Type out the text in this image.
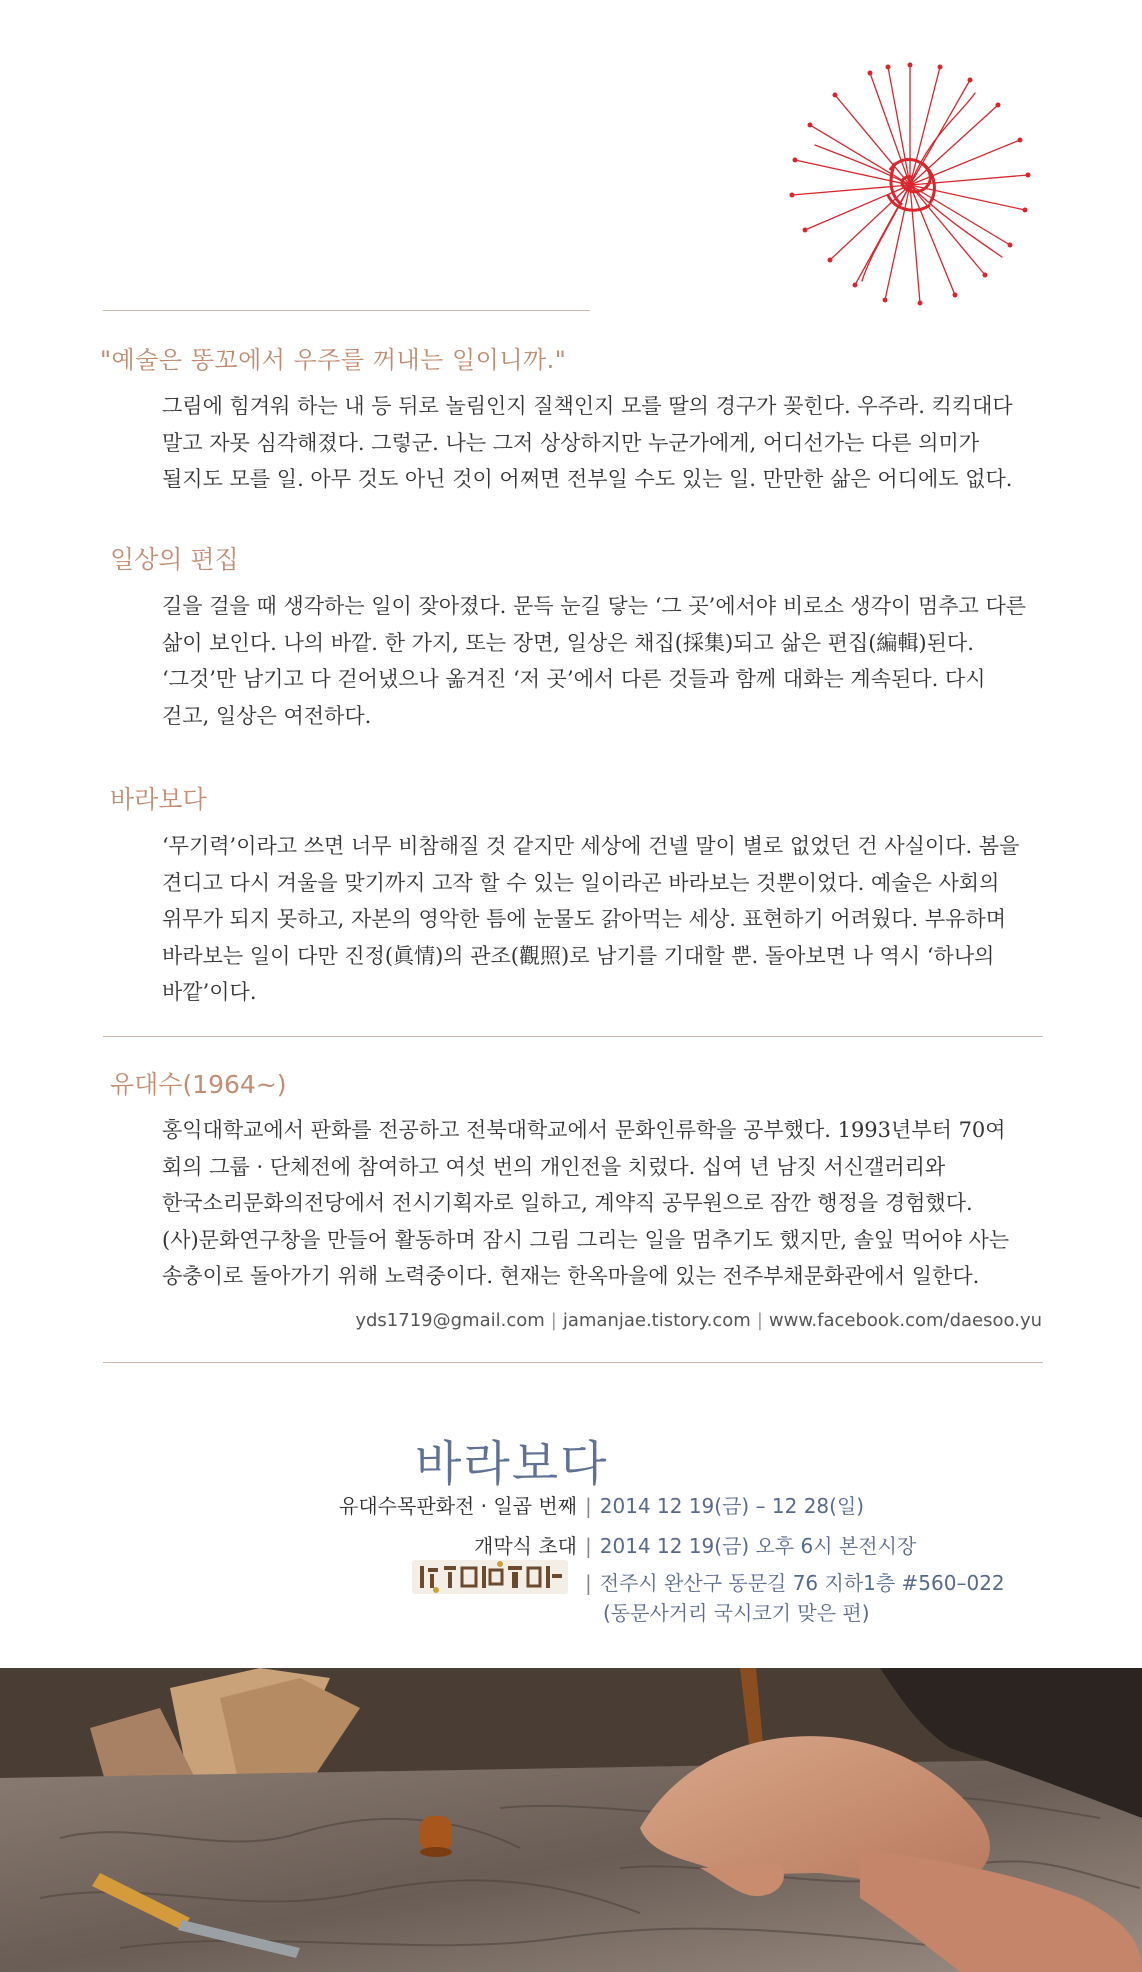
"예술은 똥꼬에서 우주를 꺼내는 일이니까."

그림에 힘겨워 하는 내 등 뒤로 놀림인지 질책인지 모를 딸의 경구가 꽂힌다. 우주라. 킥킥대다

말고 자못 심각해졌다. 그렇군. 나는 그저 상상하지만 누군가에게, 어디선가는 다른 의미가

될지도 모를 일. 아무 것도 아닌 것이 어쩌면 전부일 수도 있는 일. 만만한 삶은 어디에도 없다.

일상의 편집

길을 걸을 때 생각하는 일이 잦아졌다. 문득 눈길 닿는 ‘그 곳’에서야 비로소 생각이 멈추고 다른

삶이 보인다. 나의 바깥. 한 가지, 또는 장면, 일상은 채집(採集)되고 삶은 편집(編輯)된다.

‘그것’만 남기고 다 걷어냈으나 옮겨진 ‘저 곳’에서 다른 것들과 함께 대화는 계속된다. 다시

걷고, 일상은 여전하다.

바라보다

‘무기력’이라고 쓰면 너무 비참해질 것 같지만 세상에 건넬 말이 별로 없었던 건 사실이다. 봄을

견디고 다시 겨울을 맞기까지 고작 할 수 있는 일이라곤 바라보는 것뿐이었다. 예술은 사회의

위무가 되지 못하고, 자본의 영악한 틈에 눈물도 갉아먹는 세상. 표현하기 어려웠다. 부유하며

바라보는 일이 다만 진정(眞情)의 관조(觀照)로 남기를 기대할 뿐. 돌아보면 나 역시 ‘하나의

바깥’이다.

유대수(1964~)

홍익대학교에서 판화를 전공하고 전북대학교에서 문화인류학을 공부했다. 1993년부터 70여

회의 그룹 · 단체전에 참여하고 여섯 번의 개인전을 치렀다. 십여 년 남짓 서신갤러리와

한국소리문화의전당에서 전시기획자로 일하고, 계약직 공무원으로 잠깐 행정을 경험했다.

(사)문화연구창을 만들어 활동하며 잠시 그림 그리는 일을 멈추기도 했지만, 솔잎 먹어야 사는

송충이로 돌아가기 위해 노력중이다. 현재는 한옥마을에 있는 전주부채문화관에서 일한다.

yds1719@gmail.com | jamanjae.tistory.com | www.facebook.com/daesoo.yu
바라보다
유대수목판화전 · 일곱 번째 | 2014 12 19(금) – 12 28(일)
개막식 초대 | 2014 12 19(금) 오후 6시 본전시장
| 전주시 완산구 동문길 76 지하1층 #560–022
(동문사거리 국시코기 맞은 편)
